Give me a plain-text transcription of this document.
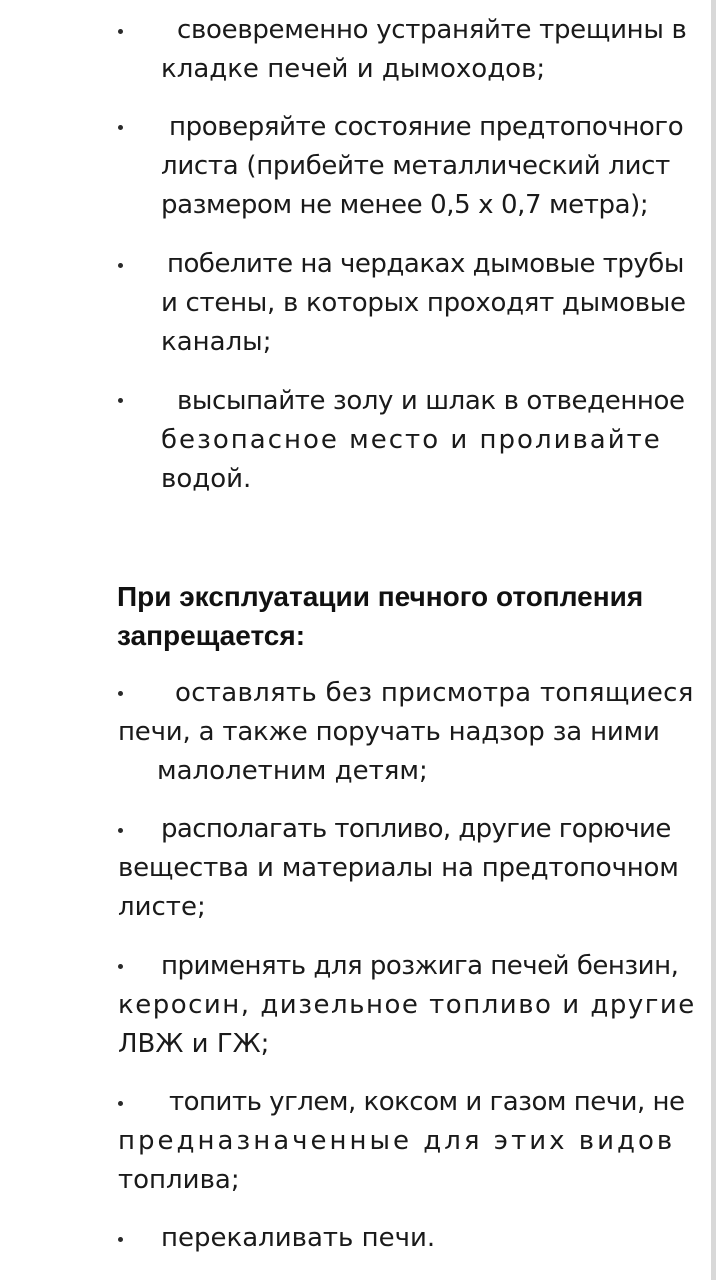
своевременно устраняйте трещины в
кладке печей и дымоходов;
проверяйте состояние предтопочного
листа (прибейте металлический лист
размером не менее 0,5 х 0,7 метра);
побелите на чердаках дымовые трубы
и стены, в которых проходят дымовые
каналы;
высыпайте золу и шлак в отведенное
безопасное место и проливайте
водой.
При эксплуатации печного отопления
запрещается:
оставлять без присмотра топящиеся
печи, а также поручать надзор за ними
малолетним детям;
располагать топливо, другие горючие
вещества и материалы на предтопочном
листе;
применять для розжига печей бензин,
керосин, дизельное топливо и другие
ЛВЖ и ГЖ;
топить углем, коксом и газом печи, не
предназначенные для этих видов
топлива;
перекаливать печи.
